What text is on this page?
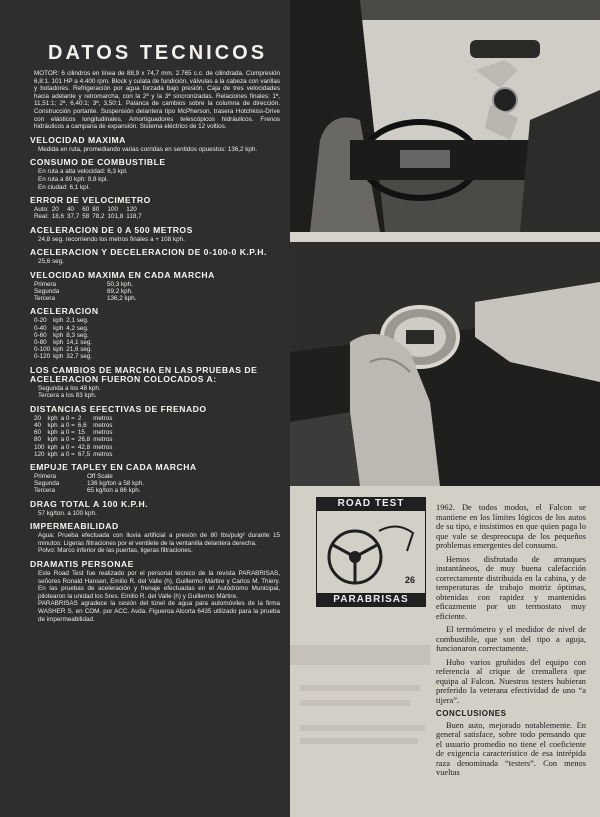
DATOS TECNICOS

MOTOR: 6 cilindros en línea de 88,9 x 74,7 mm. 2.765 c.c. de cilindrada. Compresión 6,8:1. 101 HP a 4.400 rpm. Block y culata de fundición, válvulas a la cabeza con varillas y botadores. Refrigeración por agua forzada bajo presión. Caja de tres velocidades hacia adelante y retromarcha, con la 2ª y la 3ª sincronizadas. Relaciones finales: 1ª, 11,51:1; 2ª, 6,40:1; 3ª, 3,50:1. Palanca de cambios sobre la columna de dirección. Construcción portante. Suspensión delantera tipo McPherson, trasera Hotchkiss-Drive con elásticos longitudinales. Amortiguadores telescópicos hidráulicos. Frenos hidráulicos a campana de expansión. Sistema eléctrico de 12 voltios.

VELOCIDAD MAXIMA

Medida en ruta, promediando varias corridas en sentidos opuestos: 136,2 kph.

CONSUMO DE COMBUSTIBLE
En ruta a alta velocidad: 6,3 kpl.
En ruta a 80 kph: 9,8 kpl.
En ciudad: 6,1 kpl.
ERROR DE VELOCIMETRO
Auto:	20	40	60	80	100	120
Real:	18,6	37,7	58	78,2	101,8	118,7
ACELERACION DE 0 A 500 METROS

24,8 seg. recorriendo los metros finales a + 108 kph.

ACELERACION Y DECELERACION DE 0-100-0 K.P.H.

25,6 seg.

VELOCIDAD MAXIMA EN CADA MARCHA
Primera	50,3 kph.
Segunda	89,2 kph.
Tercera	136,2 kph.
ACELERACION
0-20	kph	2,1 seg.
0-40	kph	4,2 seg.
0-60	kph	8,3 seg.
0-80	kph	14,1 seg.
0-100	kph	21,6 seg.
0-120	kph	32,7 seg.
LOS CAMBIOS DE MARCHA EN LAS PRUEBAS DE ACELERACION FUERON COLOCADOS A:
Segunda a los 48 kph.
Tercera a los 83 kph.
DISTANCIAS EFECTIVAS DE FRENADO
20	kph	a 0 =	2	metros
40	kph	a 0 =	6,6	metros
60	kph	a 0 =	15	metros
80	kph	a 0 =	26,8	metros
100	kph	a 0 =	42,8	metros
120	kph	a 0 =	67,5	metros
EMPUJE TAPLEY EN CADA MARCHA
Primera	Off Scale
Segunda	136 kg/ton a 58 kph.
Tercera	65 kg/ton a 86 kph.
DRAG TOTAL A 100 K.P.H.

57 kg/ton. a 100 kph.

IMPERMEABILIDAD

Agua: Prueba efectuada con lluvia artificial a presión de 80 lbs/pulg² durante 15 minutos: Ligeras filtraciones por el ventilete de la ventanilla delantera derecha.

Polvo: Marco inferior de las puertas, ligeras filtraciones.

DRAMATIS PERSONAE

Este Road Test fue realizado por el personal técnico de la revista PARABRISAS, señores Ronald Hansen, Emilio R. del Valle (h), Guillermo Mártire y Carlos M. Thiery. En las pruebas de aceleración y frenaje efectuadas en el Autódromo Municipal, pilotearon la unidad los Sres. Emilio R. del Valle (h) y Guillermo Mártire.

PARABRISAS agradece la cesión del túnel de agua para automóviles de la firma WASHER S. en COM. por ACC. Avda. Figueroa Alcorta 6435 utilizado para la prueba de impermeabilidad.

ROAD TEST
26
PARABRISAS

1962. De todos modos, el Falcon se mantiene en los límites lógicos de los autos de su tipo, e insistimos en que quien paga lo que vale se despreocupa de los pequeños problemas emergentes del consumo.

Hemos disfrutado de arranques instantáneos, de muy buena calefacción correctamente distribuida en la cabina, y de temperaturas de trabajo motriz óptimas, obtenidas con rapidez y mantenidas eficazmente por un termostato muy eficiente.

El termómetro y el medidor de nivel de combustible, que son del tipo a aguja, funcionaron correctamente.

Hubo varios gruñidos del equipo con referencia al crique de cremallera que equipa al Falcon. Nuestros testers hubieran preferido la veterana efectividad de uno “a tijera”.

CONCLUSIONES

Buen auto, mejorado notablemente. En general satisface, sobre todo pensando que el usuario promedio no tiene el coeficiente de exigencia característico de esa intrépida raza denominada “testers”. Con menos vueltas
